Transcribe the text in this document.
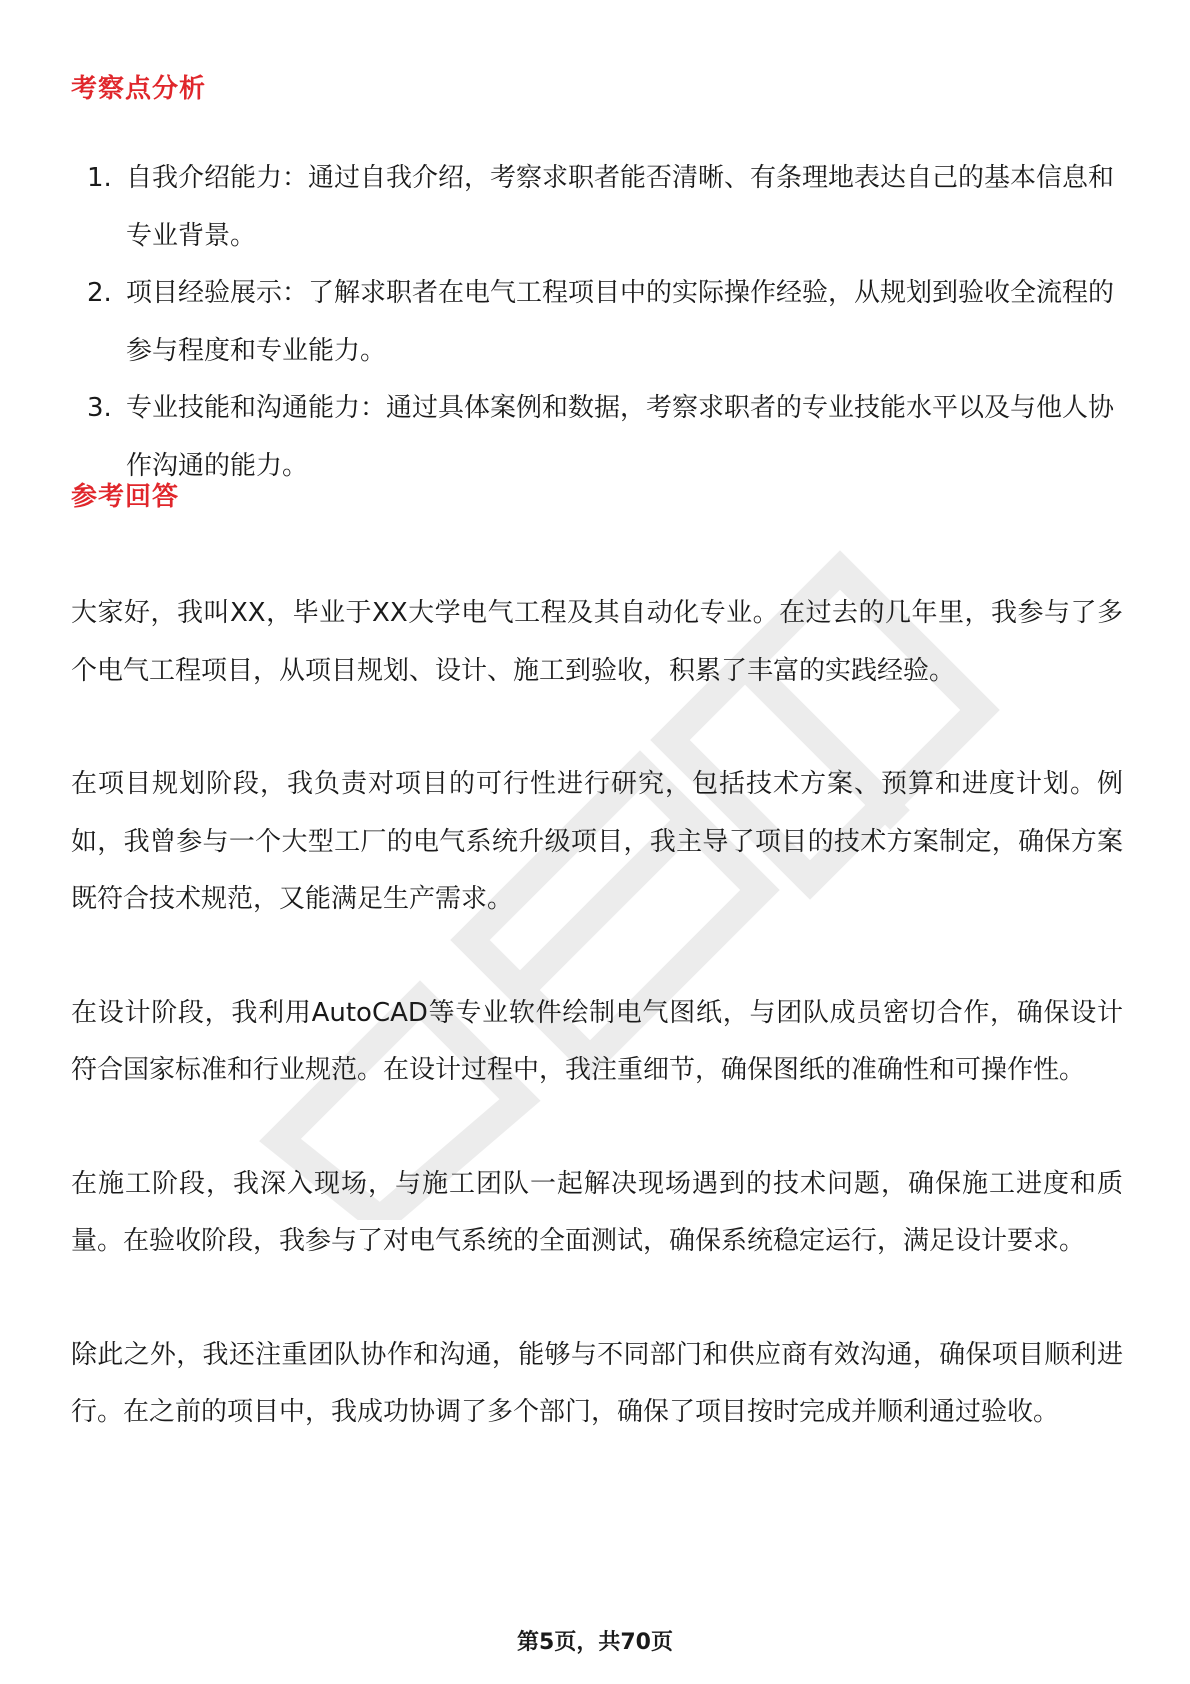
考察点分析
1. 自我介绍能力：通过自我介绍，考察求职者能否清晰、有条理地表达自己的基本信息和专业背景。
2. 项目经验展示：了解求职者在电气工程项目中的实际操作经验，从规划到验收全流程的参与程度和专业能力。
3. 专业技能和沟通能力：通过具体案例和数据，考察求职者的专业技能水平以及与他人协作沟通的能力。
参考回答

大家好，我叫XX，毕业于XX大学电气工程及其自动化专业。在过去的几年里，我参与了多个电气工程项目，从项目规划、设计、施工到验收，积累了丰富的实践经验。

在项目规划阶段，我负责对项目的可行性进行研究，包括技术方案、预算和进度计划。例如，我曾参与一个大型工厂的电气系统升级项目，我主导了项目的技术方案制定，确保方案既符合技术规范，又能满足生产需求。

在设计阶段，我利用AutoCAD等专业软件绘制电气图纸，与团队成员密切合作，确保设计符合国家标准和行业规范。在设计过程中，我注重细节，确保图纸的准确性和可操作性。

在施工阶段，我深入现场，与施工团队一起解决现场遇到的技术问题，确保施工进度和质量。在验收阶段，我参与了对电气系统的全面测试，确保系统稳定运行，满足设计要求。

除此之外，我还注重团队协作和沟通，能够与不同部门和供应商有效沟通，确保项目顺利进行。在之前的项目中，我成功协调了多个部门，确保了项目按时完成并顺利通过验收。

第5页，共70页
